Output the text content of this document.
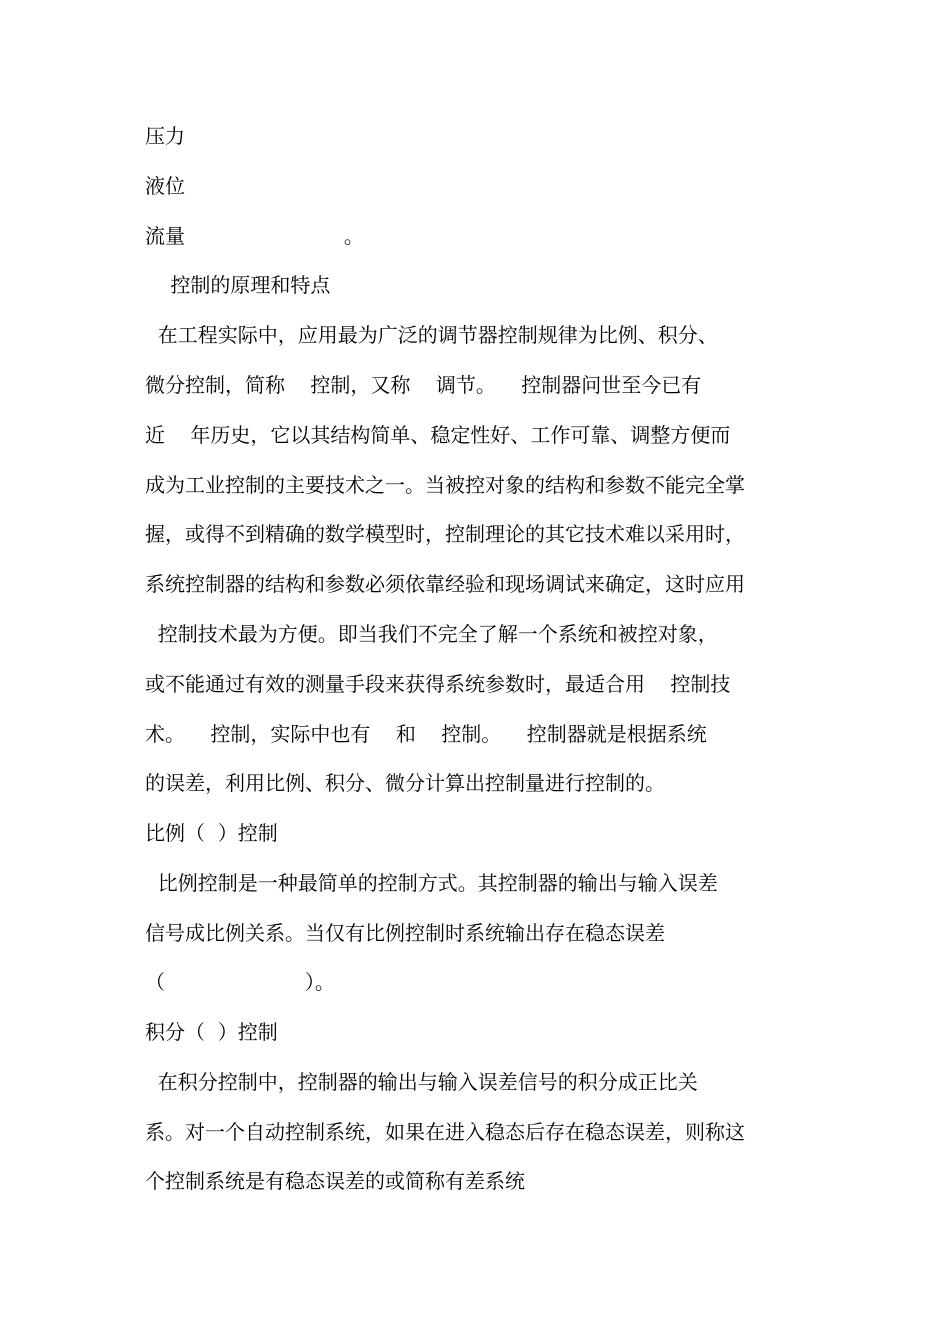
压力
液位
流量                         。
控制的原理和特点
在工程实际中，应用最为广泛的调节器控制规律为比例、积分、
微分控制，简称    控制，又称    调节。    控制器问世至今已有
近    年历史，它以其结构简单、稳定性好、工作可靠、调整方便而
成为工业控制的主要技术之一。当被控对象的结构和参数不能完全掌
握，或得不到精确的数学模型时，控制理论的其它技术难以采用时，
系统控制器的结构和参数必须依靠经验和现场调试来确定，这时应用
控制技术最为方便。即当我们不完全了解一个系统和被控对象，
或不能通过有效的测量手段来获得系统参数时，最适合用    控制技
术。    控制，实际中也有    和    控制。    控制器就是根据系统
的误差，利用比例、积分、微分计算出控制量进行控制的。
比例（  ）控制
比例控制是一种最简单的控制方式。其控制器的输出与输入误差
信号成比例关系。当仅有比例控制时系统输出存在稳态误差
（                      ）。
积分（  ）控制
在积分控制中，控制器的输出与输入误差信号的积分成正比关
系。对一个自动控制系统，如果在进入稳态后存在稳态误差，则称这
个控制系统是有稳态误差的或简称有差系统
